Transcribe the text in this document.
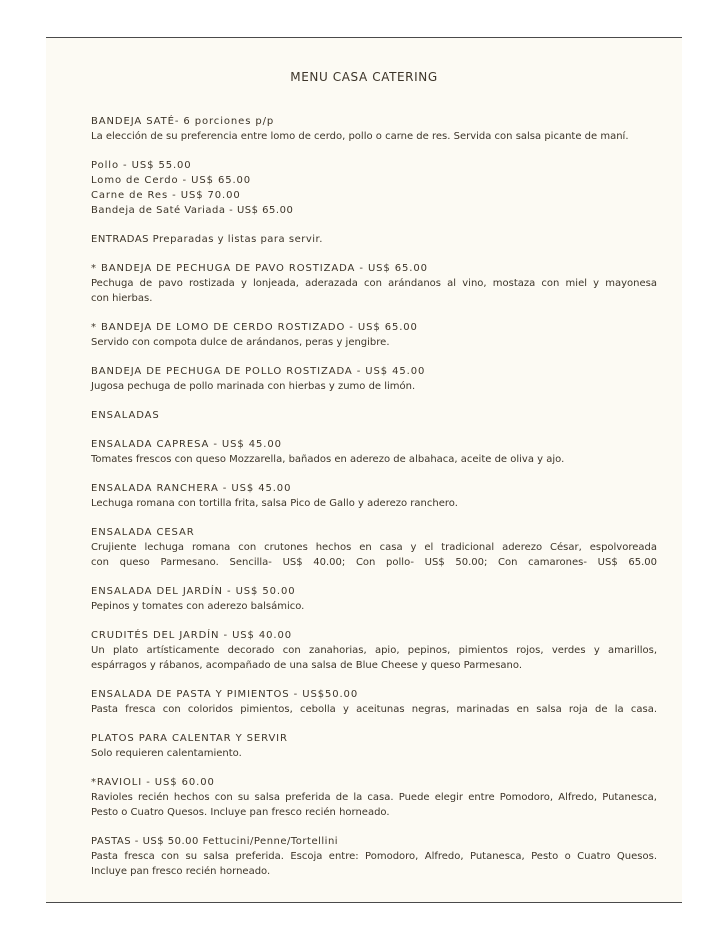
MENU CASA CATERING
BANDEJA SATÉ- 6 porciones p/p
La elección de su preferencia entre lomo de cerdo, pollo o carne de res. Servida con salsa picante de maní.
Pollo - US$ 55.00
Lomo de Cerdo - US$ 65.00
Carne de Res - US$ 70.00
Bandeja de Saté Variada - US$ 65.00
ENTRADAS Preparadas y listas para servir.
* BANDEJA DE PECHUGA DE PAVO ROSTIZADA - US$ 65.00
Pechuga de pavo rostizada y lonjeada, aderazada con arándanos al vino, mostaza con miel y mayonesa
con hierbas.
* BANDEJA DE LOMO DE CERDO ROSTIZADO - US$ 65.00
Servido con compota dulce de arándanos, peras y jengibre.
BANDEJA DE PECHUGA DE POLLO ROSTIZADA - US$ 45.00
Jugosa pechuga de pollo marinada con hierbas y zumo de limón.
ENSALADAS
ENSALADA CAPRESA - US$ 45.00
Tomates frescos con queso Mozzarella, bañados en aderezo de albahaca, aceite de oliva y ajo.
ENSALADA RANCHERA - US$ 45.00
Lechuga romana con tortilla frita, salsa Pico de Gallo y aderezo ranchero.
ENSALADA CESAR
Crujiente lechuga romana con crutones hechos en casa y el tradicional aderezo César, espolvoreada
con queso Parmesano. Sencilla- US$ 40.00; Con pollo- US$ 50.00; Con camarones- US$ 65.00
ENSALADA DEL JARDÍN - US$ 50.00
Pepinos y tomates con aderezo balsámico.
CRUDITÉS DEL JARDÍN - US$ 40.00
Un plato artísticamente decorado con zanahorias, apio, pepinos, pimientos rojos, verdes y amarillos,
espárragos y rábanos, acompañado de una salsa de Blue Cheese y queso Parmesano.
ENSALADA DE PASTA Y PIMIENTOS - US$50.00
Pasta fresca con coloridos pimientos, cebolla y aceitunas negras, marinadas en salsa roja de la casa.
PLATOS PARA CALENTAR Y SERVIR
Solo requieren calentamiento.
*RAVIOLI - US$ 60.00
Ravioles recién hechos con su salsa preferida de la casa. Puede elegir entre Pomodoro, Alfredo, Putanesca,
Pesto o Cuatro Quesos. Incluye pan fresco recién horneado.
PASTAS - US$ 50.00 Fettucini/Penne/Tortellini
Pasta fresca con su salsa preferida. Escoja entre: Pomodoro, Alfredo, Putanesca, Pesto o Cuatro Quesos.
Incluye pan fresco recién horneado.
